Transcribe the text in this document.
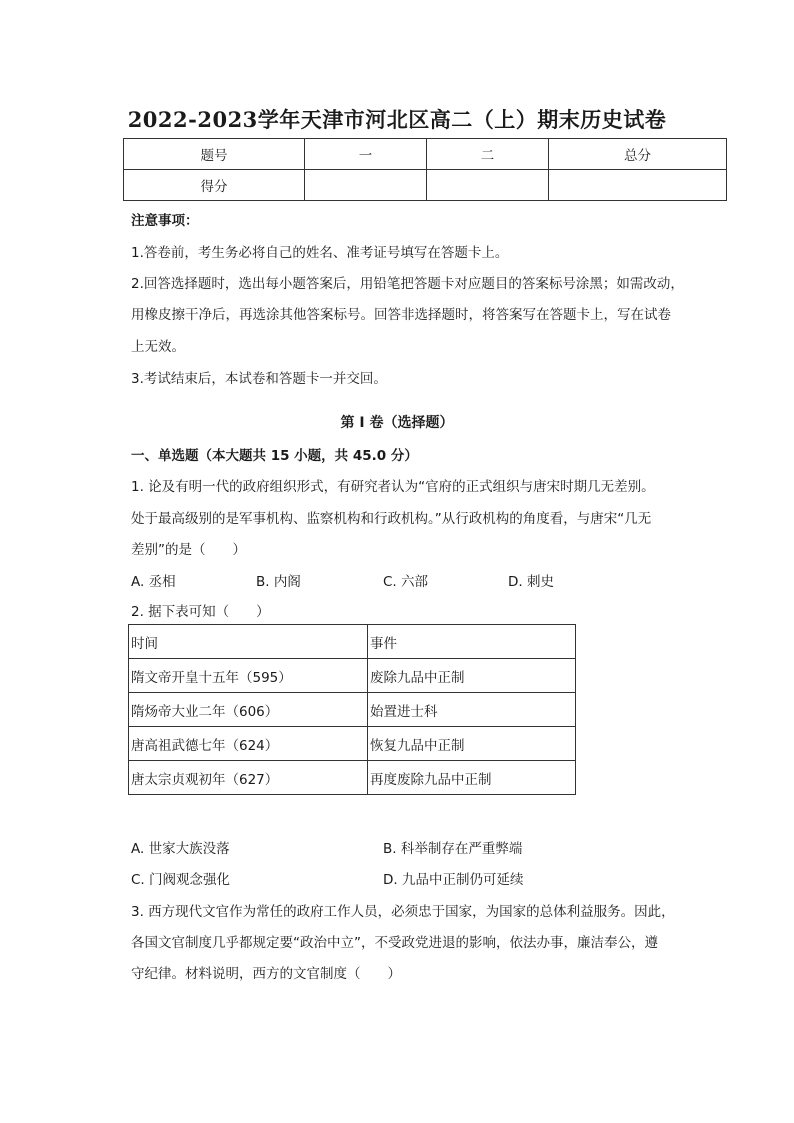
2022-2023学年天津市河北区高二（上）期末历史试卷
题号	一	二	总分
得分			
注意事项：
1.答卷前，考生务必将自己的姓名、准考证号填写在答题卡上。
2.回答选择题时，选出每小题答案后，用铅笔把答题卡对应题目的答案标号涂黑；如需改动，
用橡皮擦干净后，再选涂其他答案标号。回答非选择题时，将答案写在答题卡上，写在试卷
上无效。
3.考试结束后，本试卷和答题卡一并交回。
第 I 卷（选择题）
一、单选题（本大题共 15 小题，共 45.0 分）
1. 论及有明一代的政府组织形式，有研究者认为“官府的正式组织与唐宋时期几无差别。
处于最高级别的是军事机构、监察机构和行政机构。”从行政机构的角度看，与唐宋“几无
差别”的是（　　）
A. 丞相	B. 内阁	C. 六部	D. 刺史
2. 据下表可知（　　）
时间	事件
隋文帝开皇十五年（595）	废除九品中正制
隋炀帝大业二年（606）	始置进士科
唐高祖武德七年（624）	恢复九品中正制
唐太宗贞观初年（627）	再度废除九品中正制
A. 世家大族没落	B. 科举制存在严重弊端
C. 门阀观念强化	D. 九品中正制仍可延续
3. 西方现代文官作为常任的政府工作人员，必须忠于国家，为国家的总体利益服务。因此，
各国文官制度几乎都规定要“政治中立”，不受政党进退的影响，依法办事，廉洁奉公，遵
守纪律。材料说明，西方的文官制度（　　）
